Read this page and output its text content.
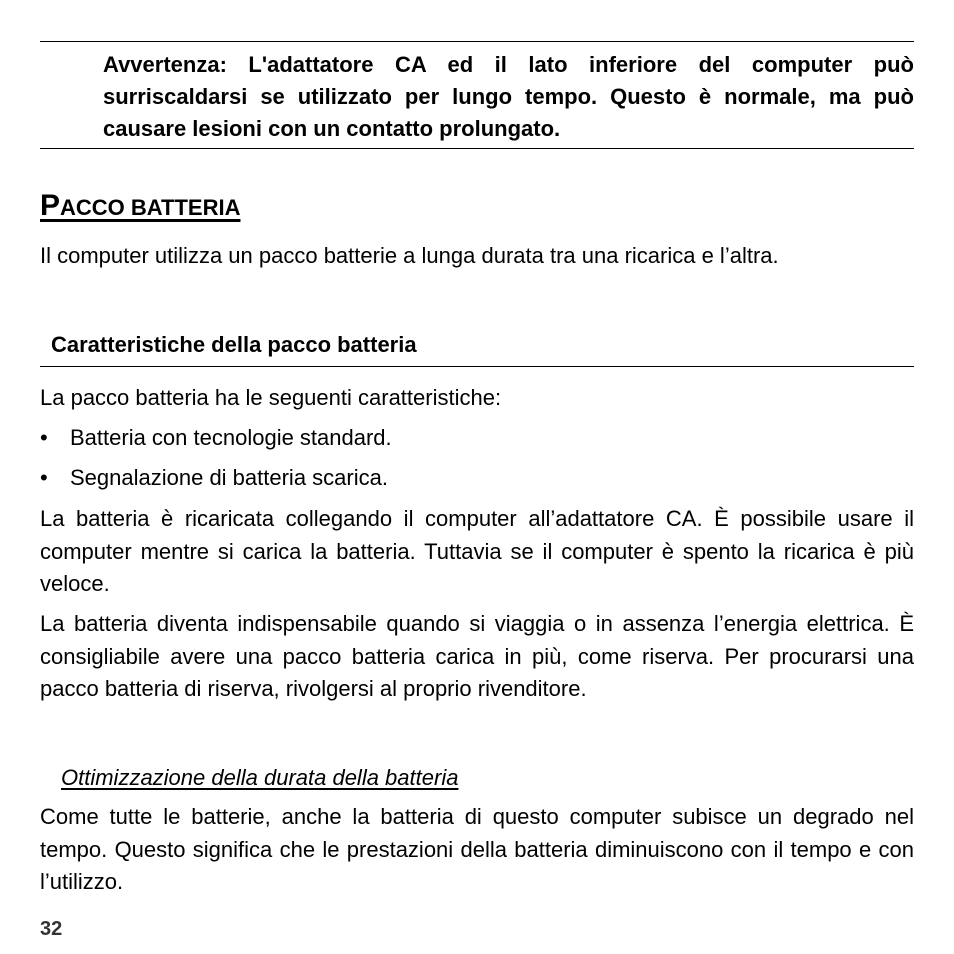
Avvertenza: L'adattatore CA ed il lato inferiore del computer può surriscaldarsi se utilizzato per lungo tempo. Questo è normale, ma può causare lesioni con un contatto prolungato.
PACCO BATTERIA
Il computer utilizza un pacco batterie a lunga durata tra una ricarica e l’altra.
Caratteristiche della pacco batteria
La pacco batteria ha le seguenti caratteristiche:
• Batteria con tecnologie standard.
• Segnalazione di batteria scarica.
La batteria è ricaricata collegando il computer all’adattatore CA. È possibile usare il computer mentre si carica la batteria. Tuttavia se il computer è spento la ricarica è più veloce.
La batteria diventa indispensabile quando si viaggia o in assenza l’energia elettrica. È consigliabile avere una pacco batteria carica in più, come riserva. Per procurarsi una pacco batteria di riserva, rivolgersi al proprio rivenditore.
Ottimizzazione della durata della batteria
Come tutte le batterie, anche la batteria di questo computer subisce un degrado nel tempo. Questo significa che le prestazioni della batteria diminuiscono con il tempo e con l’utilizzo.
32
